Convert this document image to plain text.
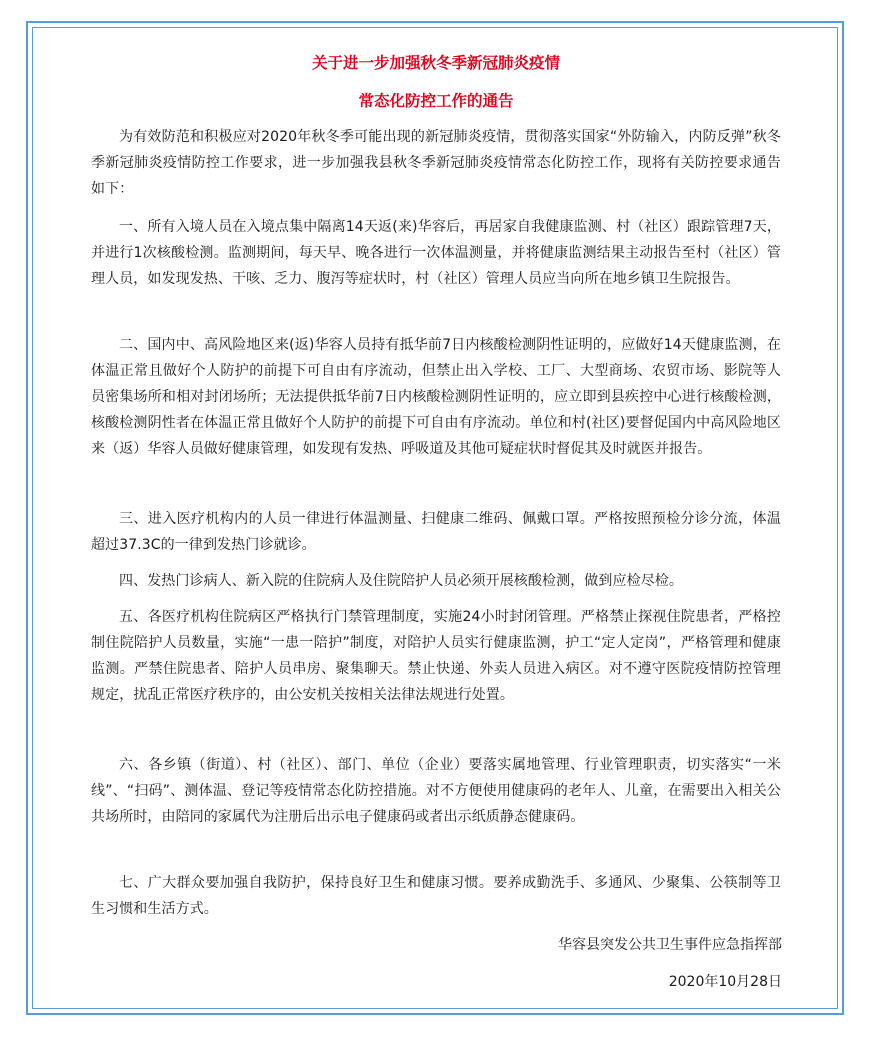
关于进一步加强秋冬季新冠肺炎疫情
常态化防控工作的通告
为有效防范和积极应对2020年秋冬季可能出现的新冠肺炎疫情，贯彻落实国家“外防输入，内防反弹”秋冬季新冠肺炎疫情防控工作要求，进一步加强我县秋冬季新冠肺炎疫情常态化防控工作，现将有关防控要求通告如下：
一、所有入境人员在入境点集中隔离14天返(来)华容后，再居家自我健康监测、村（社区）跟踪管理7天，并进行1次核酸检测。监测期间，每天早、晚各进行一次体温测量，并将健康监测结果主动报告至村（社区）管理人员，如发现发热、干咳、乏力、腹泻等症状时，村（社区）管理人员应当向所在地乡镇卫生院报告。
二、国内中、高风险地区来(返)华容人员持有抵华前7日内核酸检测阴性证明的，应做好14天健康监测，在体温正常且做好个人防护的前提下可自由有序流动，但禁止出入学校、工厂、大型商场、农贸市场、影院等人员密集场所和相对封闭场所；无法提供抵华前7日内核酸检测阴性证明的，应立即到县疾控中心进行核酸检测，核酸检测阴性者在体温正常且做好个人防护的前提下可自由有序流动。单位和村(社区)要督促国内中高风险地区来（返）华容人员做好健康管理，如发现有发热、呼吸道及其他可疑症状时督促其及时就医并报告。
三、进入医疗机构内的人员一律进行体温测量、扫健康二维码、佩戴口罩。严格按照预检分诊分流，体温超过37.3C的一律到发热门诊就诊。
四、发热门诊病人、新入院的住院病人及住院陪护人员必须开展核酸检测，做到应检尽检。
五、各医疗机构住院病区严格执行门禁管理制度，实施24小时封闭管理。严格禁止探视住院患者，严格控制住院陪护人员数量，实施“一患一陪护”制度，对陪护人员实行健康监测，护工“定人定岗”，严格管理和健康监测。严禁住院患者、陪护人员串房、聚集聊天。禁止快递、外卖人员进入病区。对不遵守医院疫情防控管理规定，扰乱正常医疗秩序的，由公安机关按相关法律法规进行处置。
六、各乡镇（街道）、村（社区）、部门、单位（企业）要落实属地管理、行业管理职责，切实落实“一米线”、“扫码”、测体温、登记等疫情常态化防控措施。对不方便使用健康码的老年人、儿童，在需要出入相关公共场所时，由陪同的家属代为注册后出示电子健康码或者出示纸质静态健康码。
七、广大群众要加强自我防护，保持良好卫生和健康习惯。要养成勤洗手、多通风、少聚集、公筷制等卫生习惯和生活方式。
华容县突发公共卫生事件应急指挥部
2020年10月28日
